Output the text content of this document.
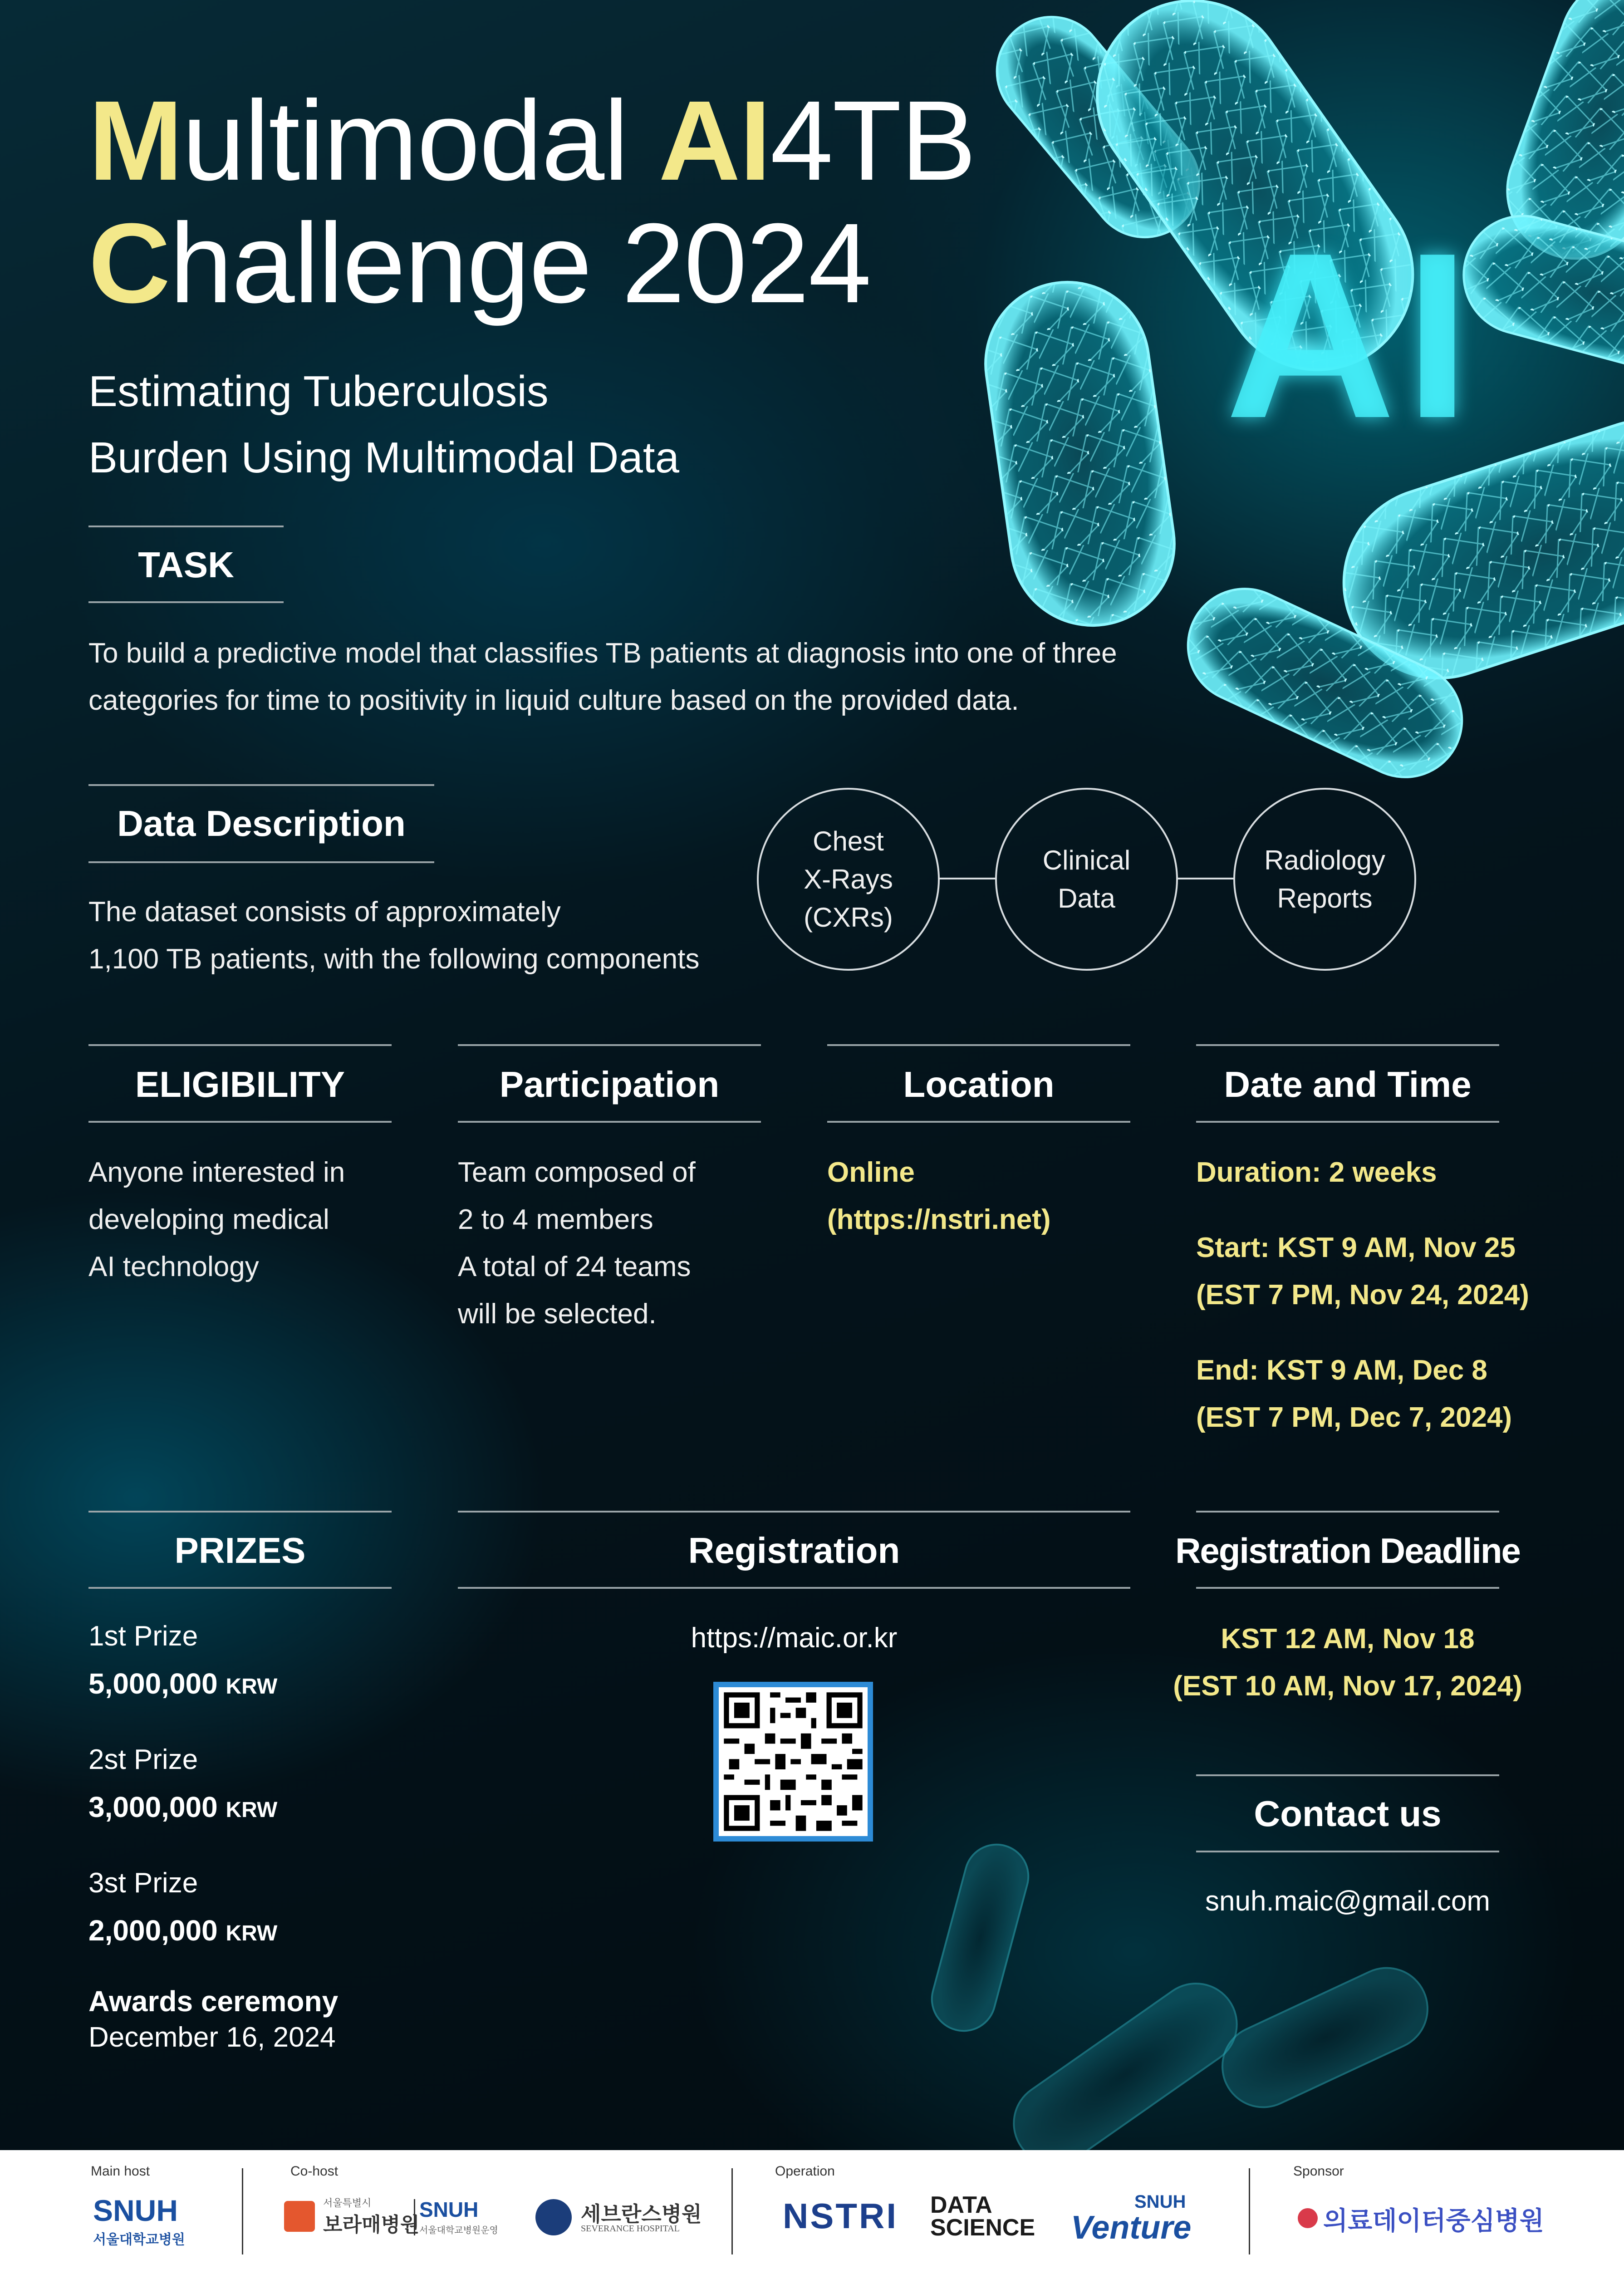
AI
Multimodal AI4TB
Challenge 2024
Estimating Tuberculosis
Burden Using Multimodal Data
TASK
To build a predictive model that classifies TB patients at diagnosis into one of three
categories for time to positivity in liquid culture based on the provided data.
Data Description
The dataset consists of approximately
1,100 TB patients, with the following components
Chest
X-Rays
(CXRs)
Clinical
Data
Radiology
Reports
ELIGIBILITY
Anyone interested in
developing medical
AI technology
Participation
Team composed of
2 to 4 members
A total of 24 teams
will be selected.
Location
Online
(https://nstri.net)
Date and Time
Duration: 2 weeks
Start: KST 9 AM, Nov 25
(EST 7 PM, Nov 24, 2024)
End: KST 9 AM, Dec 8
(EST 7 PM, Dec 7, 2024)
PRIZES
1st Prize
5,000,000 KRW
2st Prize
3,000,000 KRW
3st Prize
2,000,000 KRW
Awards ceremony
December 16, 2024
Registration
https://maic.or.kr
Registration Deadline
KST 12 AM, Nov 18
(EST 10 AM, Nov 17, 2024)
Contact us
snuh.maic@gmail.com
Main host	Co-host	Operation	Sponsor
SNUH
서울대학교병원
서울특별시
보라매병원
SNUH
서울대학교병원운영
세브란스병원
SEVERANCE HOSPITAL	NSTRI DATA
SCIENCE
SNUH
Venture	의료데이터중심병원
